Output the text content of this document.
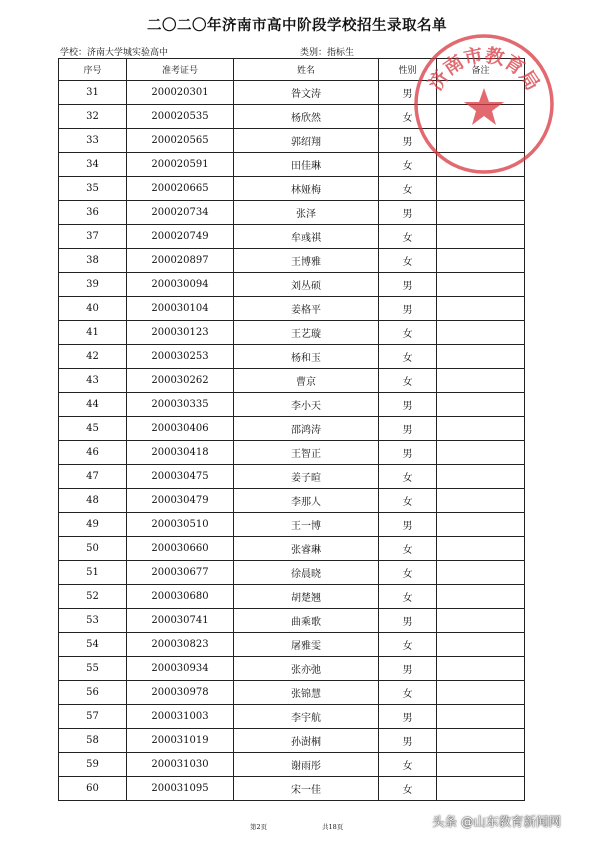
二〇二〇年济南市高中阶段学校招生录取名单
学校：济南大学城实验高中	类别：指标生
序号	准考证号	姓名	性别	备注
31	200020301	昝文涛	男	
32	200020535	杨欣然	女	
33	200020565	郭绍翔	男	
34	200020591	田佳琳	女	
35	200020665	林娅梅	女	
36	200020734	张泽	男	
37	200020749	牟彧祺	女	
38	200020897	王博雅	女	
39	200030094	刘丛硕	男	
40	200030104	姜格平	男	
41	200030123	王艺璇	女	
42	200030253	杨和玉	女	
43	200030262	曹京	女	
44	200030335	李小天	男	
45	200030406	邵鸿涛	男	
46	200030418	王智正	男	
47	200030475	姜子暄	女	
48	200030479	李那人	女	
49	200030510	王一博	男	
50	200030660	张睿琳	女	
51	200030677	徐晨晓	女	
52	200030680	胡楚翘	女	
53	200030741	曲乘歌	男	
54	200030823	屠雅雯	女	
55	200030934	张亦弛	男	
56	200030978	张锦慧	女	
57	200031003	李宇航	男	
58	200031019	孙澍桐	男	
59	200031030	谢雨彤	女	
60	200031095	宋一佳	女	
济南市教育局
第2页	共18页	头条 @山东教育新闻网
